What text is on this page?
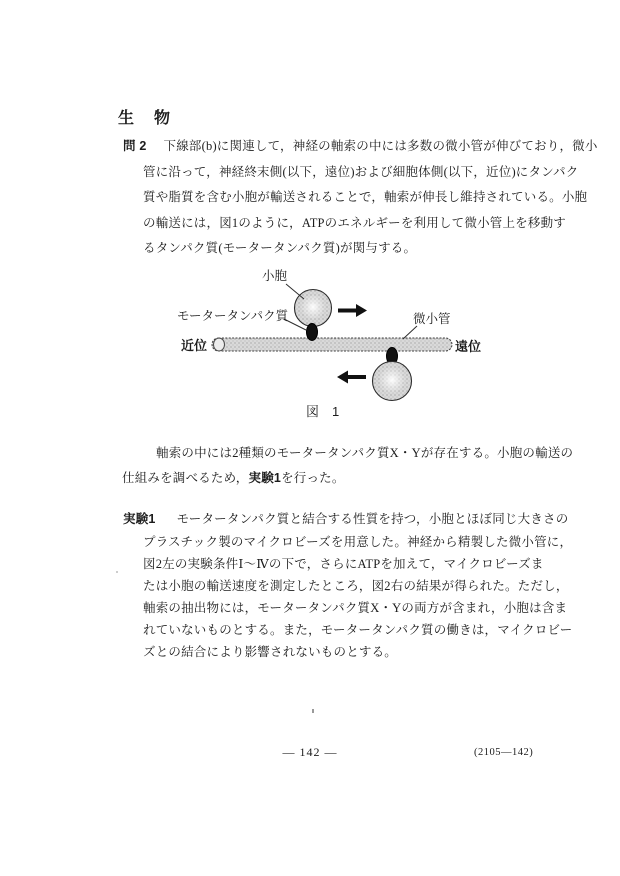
生　物
問 2 下線部(b)に関連して，神経の軸索の中には多数の微小管が伸びており，微小
管に沿って，神経終末側(以下，遠位)および細胞体側(以下，近位)にタンパク
質や脂質を含む小胞が輸送されることで，軸索が伸長し維持されている。小胞
の輸送には，図1のように，ATPのエネルギーを利用して微小管上を移動す
るタンパク質(モータータンパク質)が関与する。
小胞
モータータンパク質	微小管
近位	遠位
図　1
軸索の中には2種類のモータータンパク質X・Yが存在する。小胞の輸送の
仕組みを調べるため，実験1を行った。
実験1 モータータンパク質と結合する性質を持つ，小胞とほぼ同じ大きさの
プラスチック製のマイクロビーズを用意した。神経から精製した微小管に，
図2左の実験条件Ⅰ～Ⅳの下で，さらにATPを加えて，マイクロビーズま
たは小胞の輸送速度を測定したところ，図2右の結果が得られた。ただし，
軸索の抽出物には，モータータンパク質X・Yの両方が含まれ，小胞は含ま
れていないものとする。また，モータータンパク質の働きは，マイクロビー
ズとの結合により影響されないものとする。
— 142 —	(2105—142)
